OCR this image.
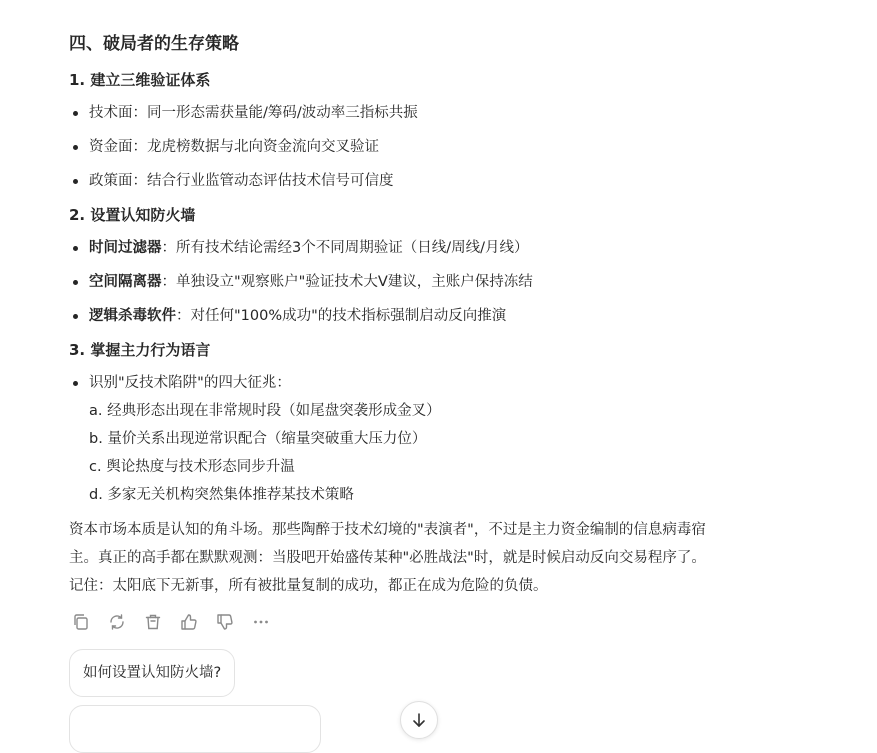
四、破局者的生存策略
1. 建立三维验证体系
技术面：同一形态需获量能/筹码/波动率三指标共振
资金面：龙虎榜数据与北向资金流向交叉验证
政策面：结合行业监管动态评估技术信号可信度
2. 设置认知防火墙
时间过滤器：所有技术结论需经3个不同周期验证（日线/周线/月线）
空间隔离器：单独设立"观察账户"验证技术大V建议，主账户保持冻结
逻辑杀毒软件：对任何"100%成功"的技术指标强制启动反向推演
3. 掌握主力行为语言
识别"反技术陷阱"的四大征兆：
a. 经典形态出现在非常规时段（如尾盘突袭形成金叉）
b. 量价关系出现逆常识配合（缩量突破重大压力位）
c. 舆论热度与技术形态同步升温
d. 多家无关机构突然集体推荐某技术策略
资本市场本质是认知的角斗场。那些陶醉于技术幻境的"表演者"，不过是主力资金编制的信息病毒宿
主。真正的高手都在默默观测：当股吧开始盛传某种"必胜战法"时，就是时候启动反向交易程序了。
记住：太阳底下无新事，所有被批量复制的成功，都正在成为危险的负债。
如何设置认知防火墙?
